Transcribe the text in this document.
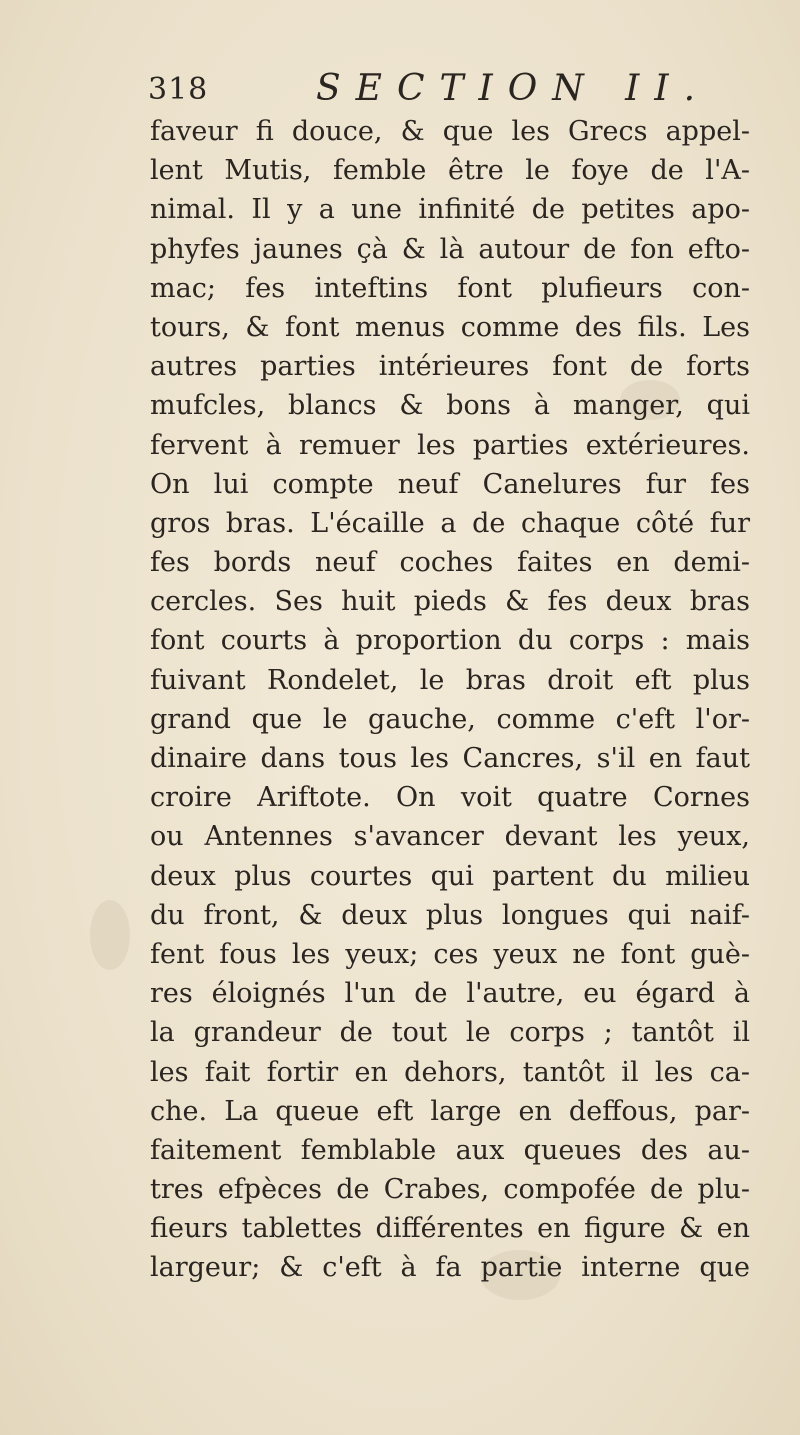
318	SECTION II.
faveur fi douce, & que les Grecs appel-
lent Mutis, femble être le foye de l'A-
nimal. Il y a une infinité de petites apo-
phyfes jaunes çà & là autour de fon efto-
mac; fes inteftins font plufieurs con-
tours, & font menus comme des fils. Les
autres parties intérieures font de forts
mufcles, blancs & bons à manger, qui
fervent à remuer les parties extérieures.
On lui compte neuf Canelures fur fes
gros bras. L'écaille a de chaque côté fur
fes bords neuf coches faites en demi-
cercles. Ses huit pieds & fes deux bras
font courts à proportion du corps : mais
fuivant Rondelet, le bras droit eft plus
grand que le gauche, comme c'eft l'or-
dinaire dans tous les Cancres, s'il en faut
croire Ariftote. On voit quatre Cornes
ou Antennes s'avancer devant les yeux,
deux plus courtes qui partent du milieu
du front, & deux plus longues qui naif-
fent fous les yeux; ces yeux ne font guè-
res éloignés l'un de l'autre, eu égard à
la grandeur de tout le corps ; tantôt il
les fait fortir en dehors, tantôt il les ca-
che. La queue eft large en deffous, par-
faitement femblable aux queues des au-
tres efpèces de Crabes, compofée de plu-
fieurs tablettes différentes en figure & en
largeur; & c'eft à fa partie interne que
